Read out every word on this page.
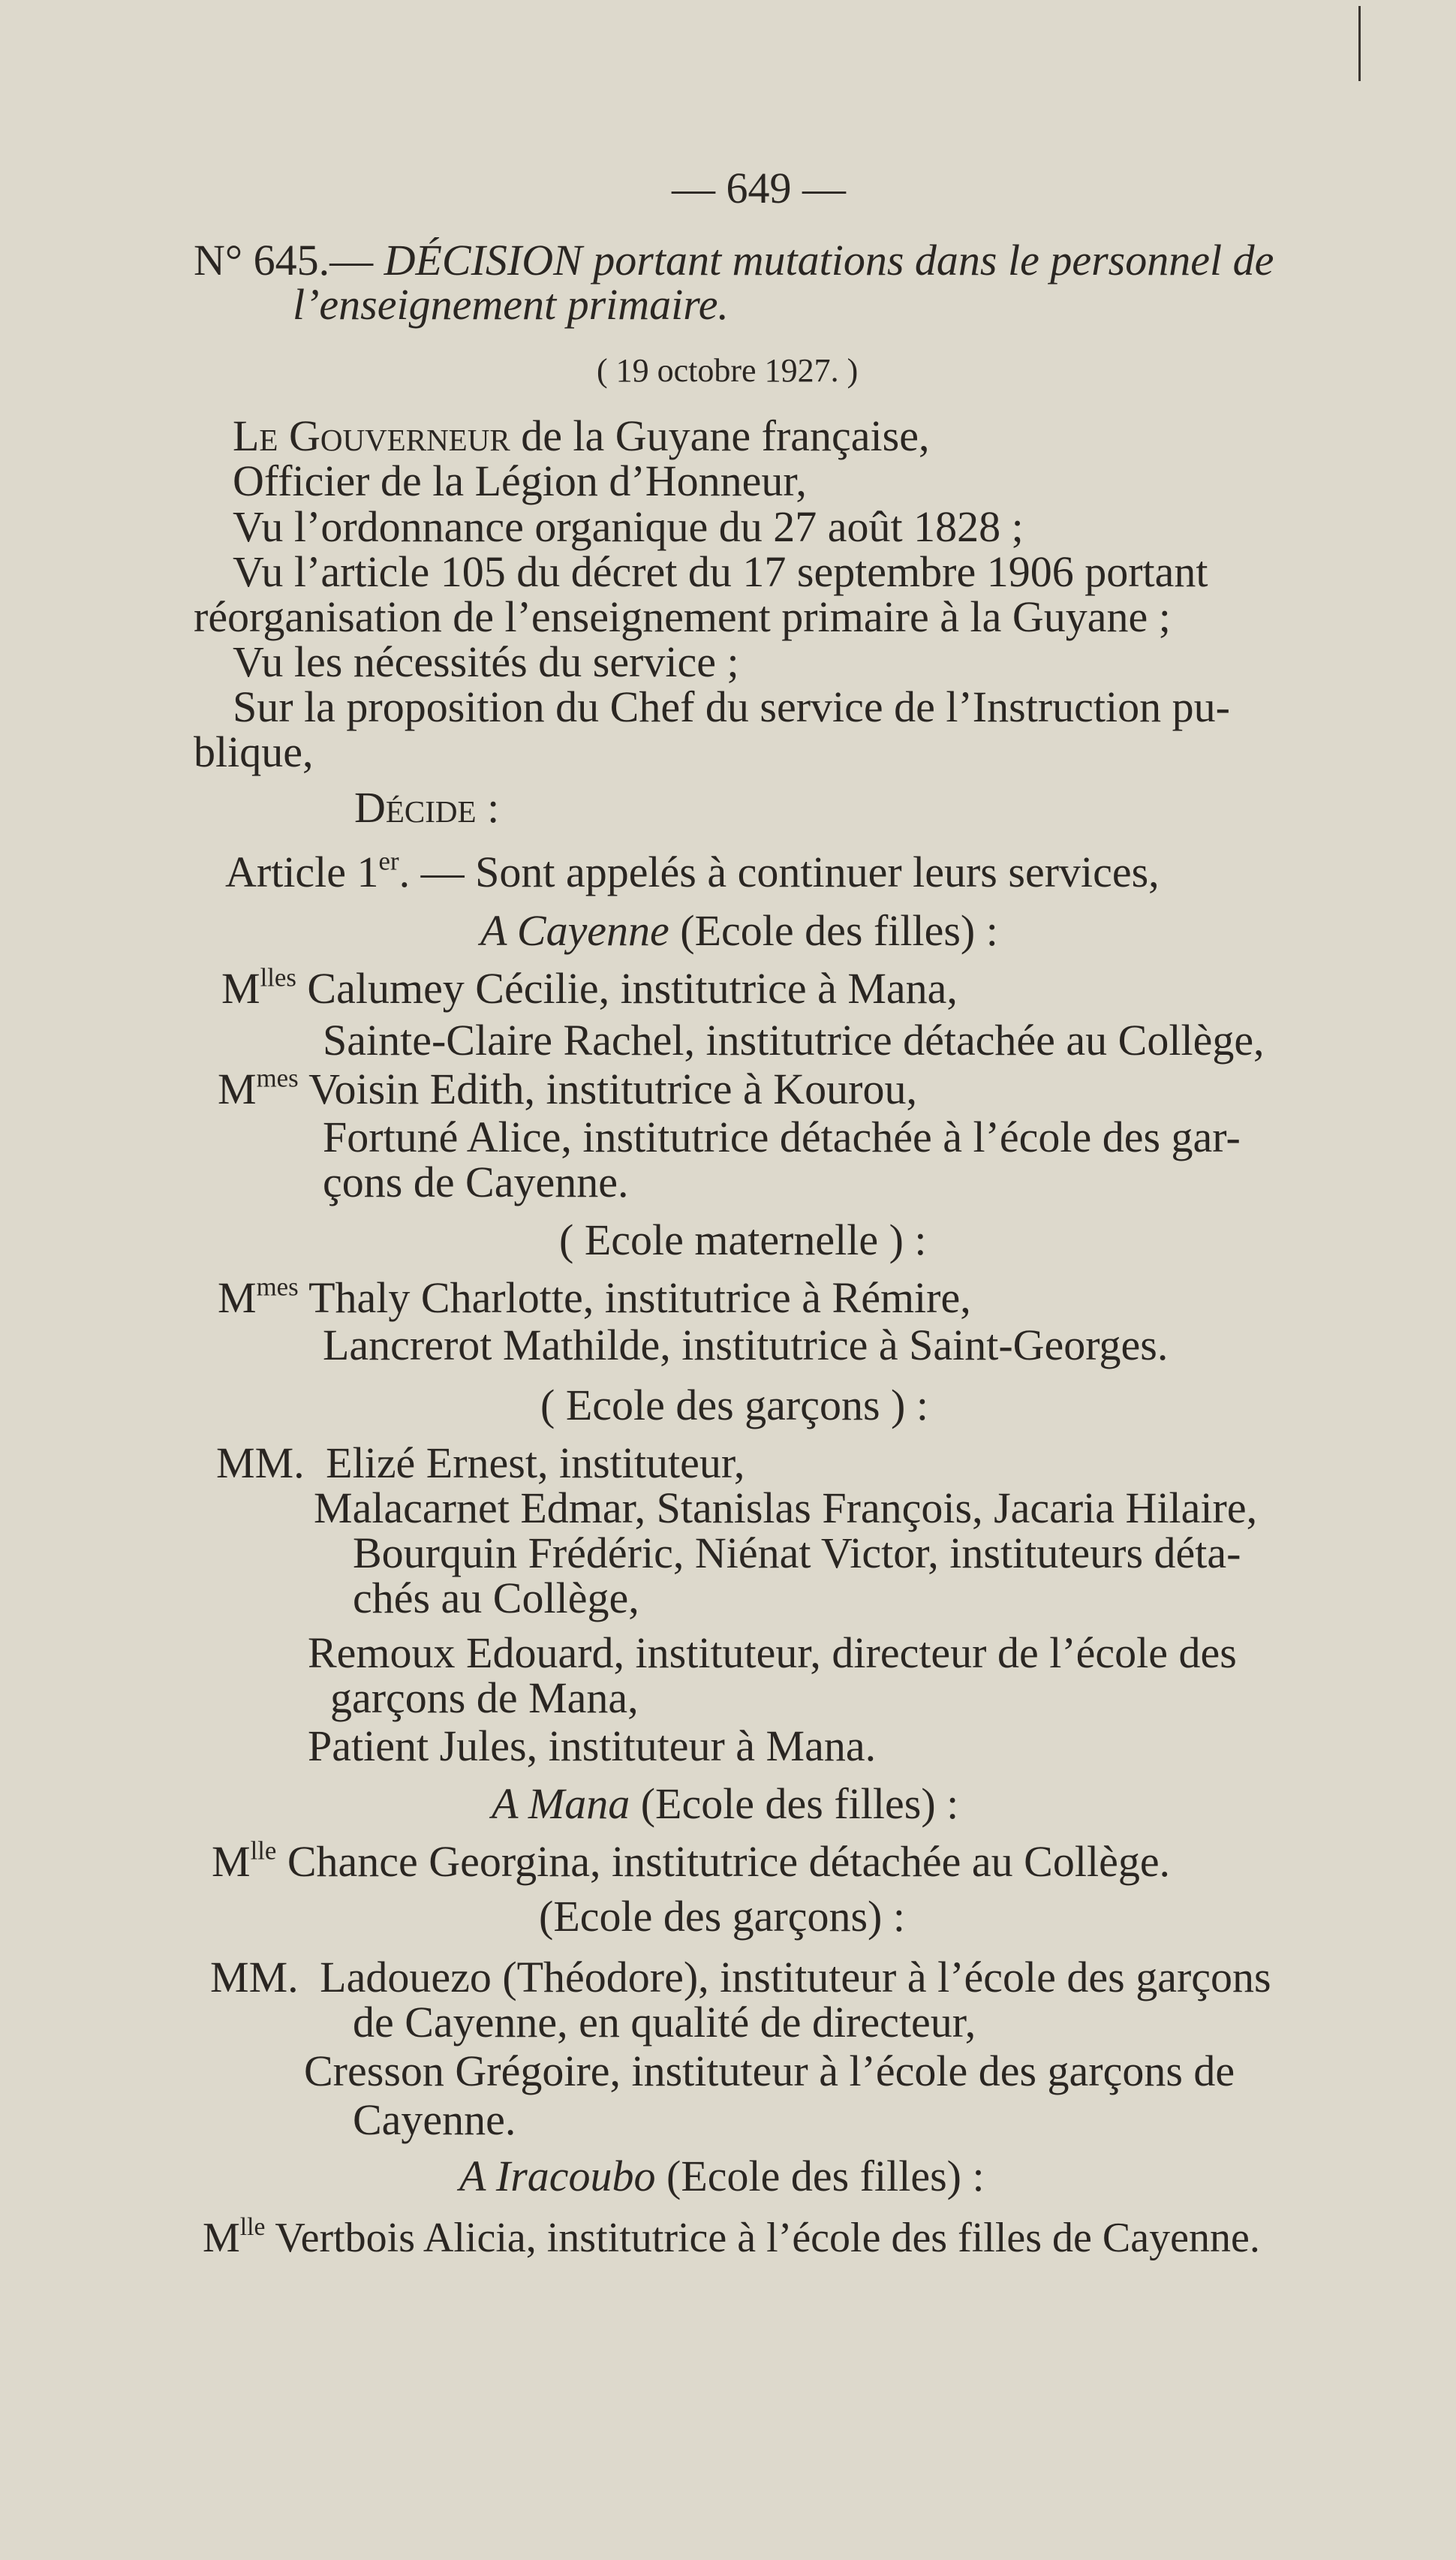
— 649 —
N° 645.— DÉCISION portant mutations dans le personnel de
l’enseignement primaire.
( 19 octobre 1927. )
Le Gouverneur de la Guyane française,
Officier de la Légion d’Honneur,
Vu l’ordonnance organique du 27 août 1828 ;
Vu l’article 105 du décret du 17 septembre 1906 portant
réorganisation de l’enseignement primaire à la Guyane ;
Vu les nécessités du service ;
Sur la proposition du Chef du service de l’Instruction pu-
blique,
Décide :
Article 1er. — Sont appelés à continuer leurs services,
A Cayenne (Ecole des filles) :
$M^{lles}$ Calumey Cécilie, institutrice à Mana,
Sainte-Claire Rachel, institutrice détachée au Collège,
$M^{mes}$ Voisin Edith, institutrice à Kourou,
Fortuné Alice, institutrice détachée à l’école des gar-
çons de Cayenne.
( Ecole maternelle ) :
$M^{mes}$ Thaly Charlotte, institutrice à Rémire,
Lancrerot Mathilde, institutrice à Saint-Georges.
( Ecole des garçons ) :
MM. Elizé Ernest, instituteur,
Malacarnet Edmar, Stanislas François, Jacaria Hilaire,
Bourquin Frédéric, Niénat Victor, instituteurs déta-
chés au Collège,
Remoux Edouard, instituteur, directeur de l’école des
garçons de Mana,
Patient Jules, instituteur à Mana.
A Mana (Ecole des filles) :
$M^{lle}$ Chance Georgina, institutrice détachée au Collège.
(Ecole des garçons) :
MM. Ladouezo (Théodore), instituteur à l’école des garçons
de Cayenne, en qualité de directeur,
Cresson Grégoire, instituteur à l’école des garçons de
Cayenne.
A Iracoubo (Ecole des filles) :
$M^{lle}$ Vertbois Alicia, institutrice à l’école des filles de Cayenne.
